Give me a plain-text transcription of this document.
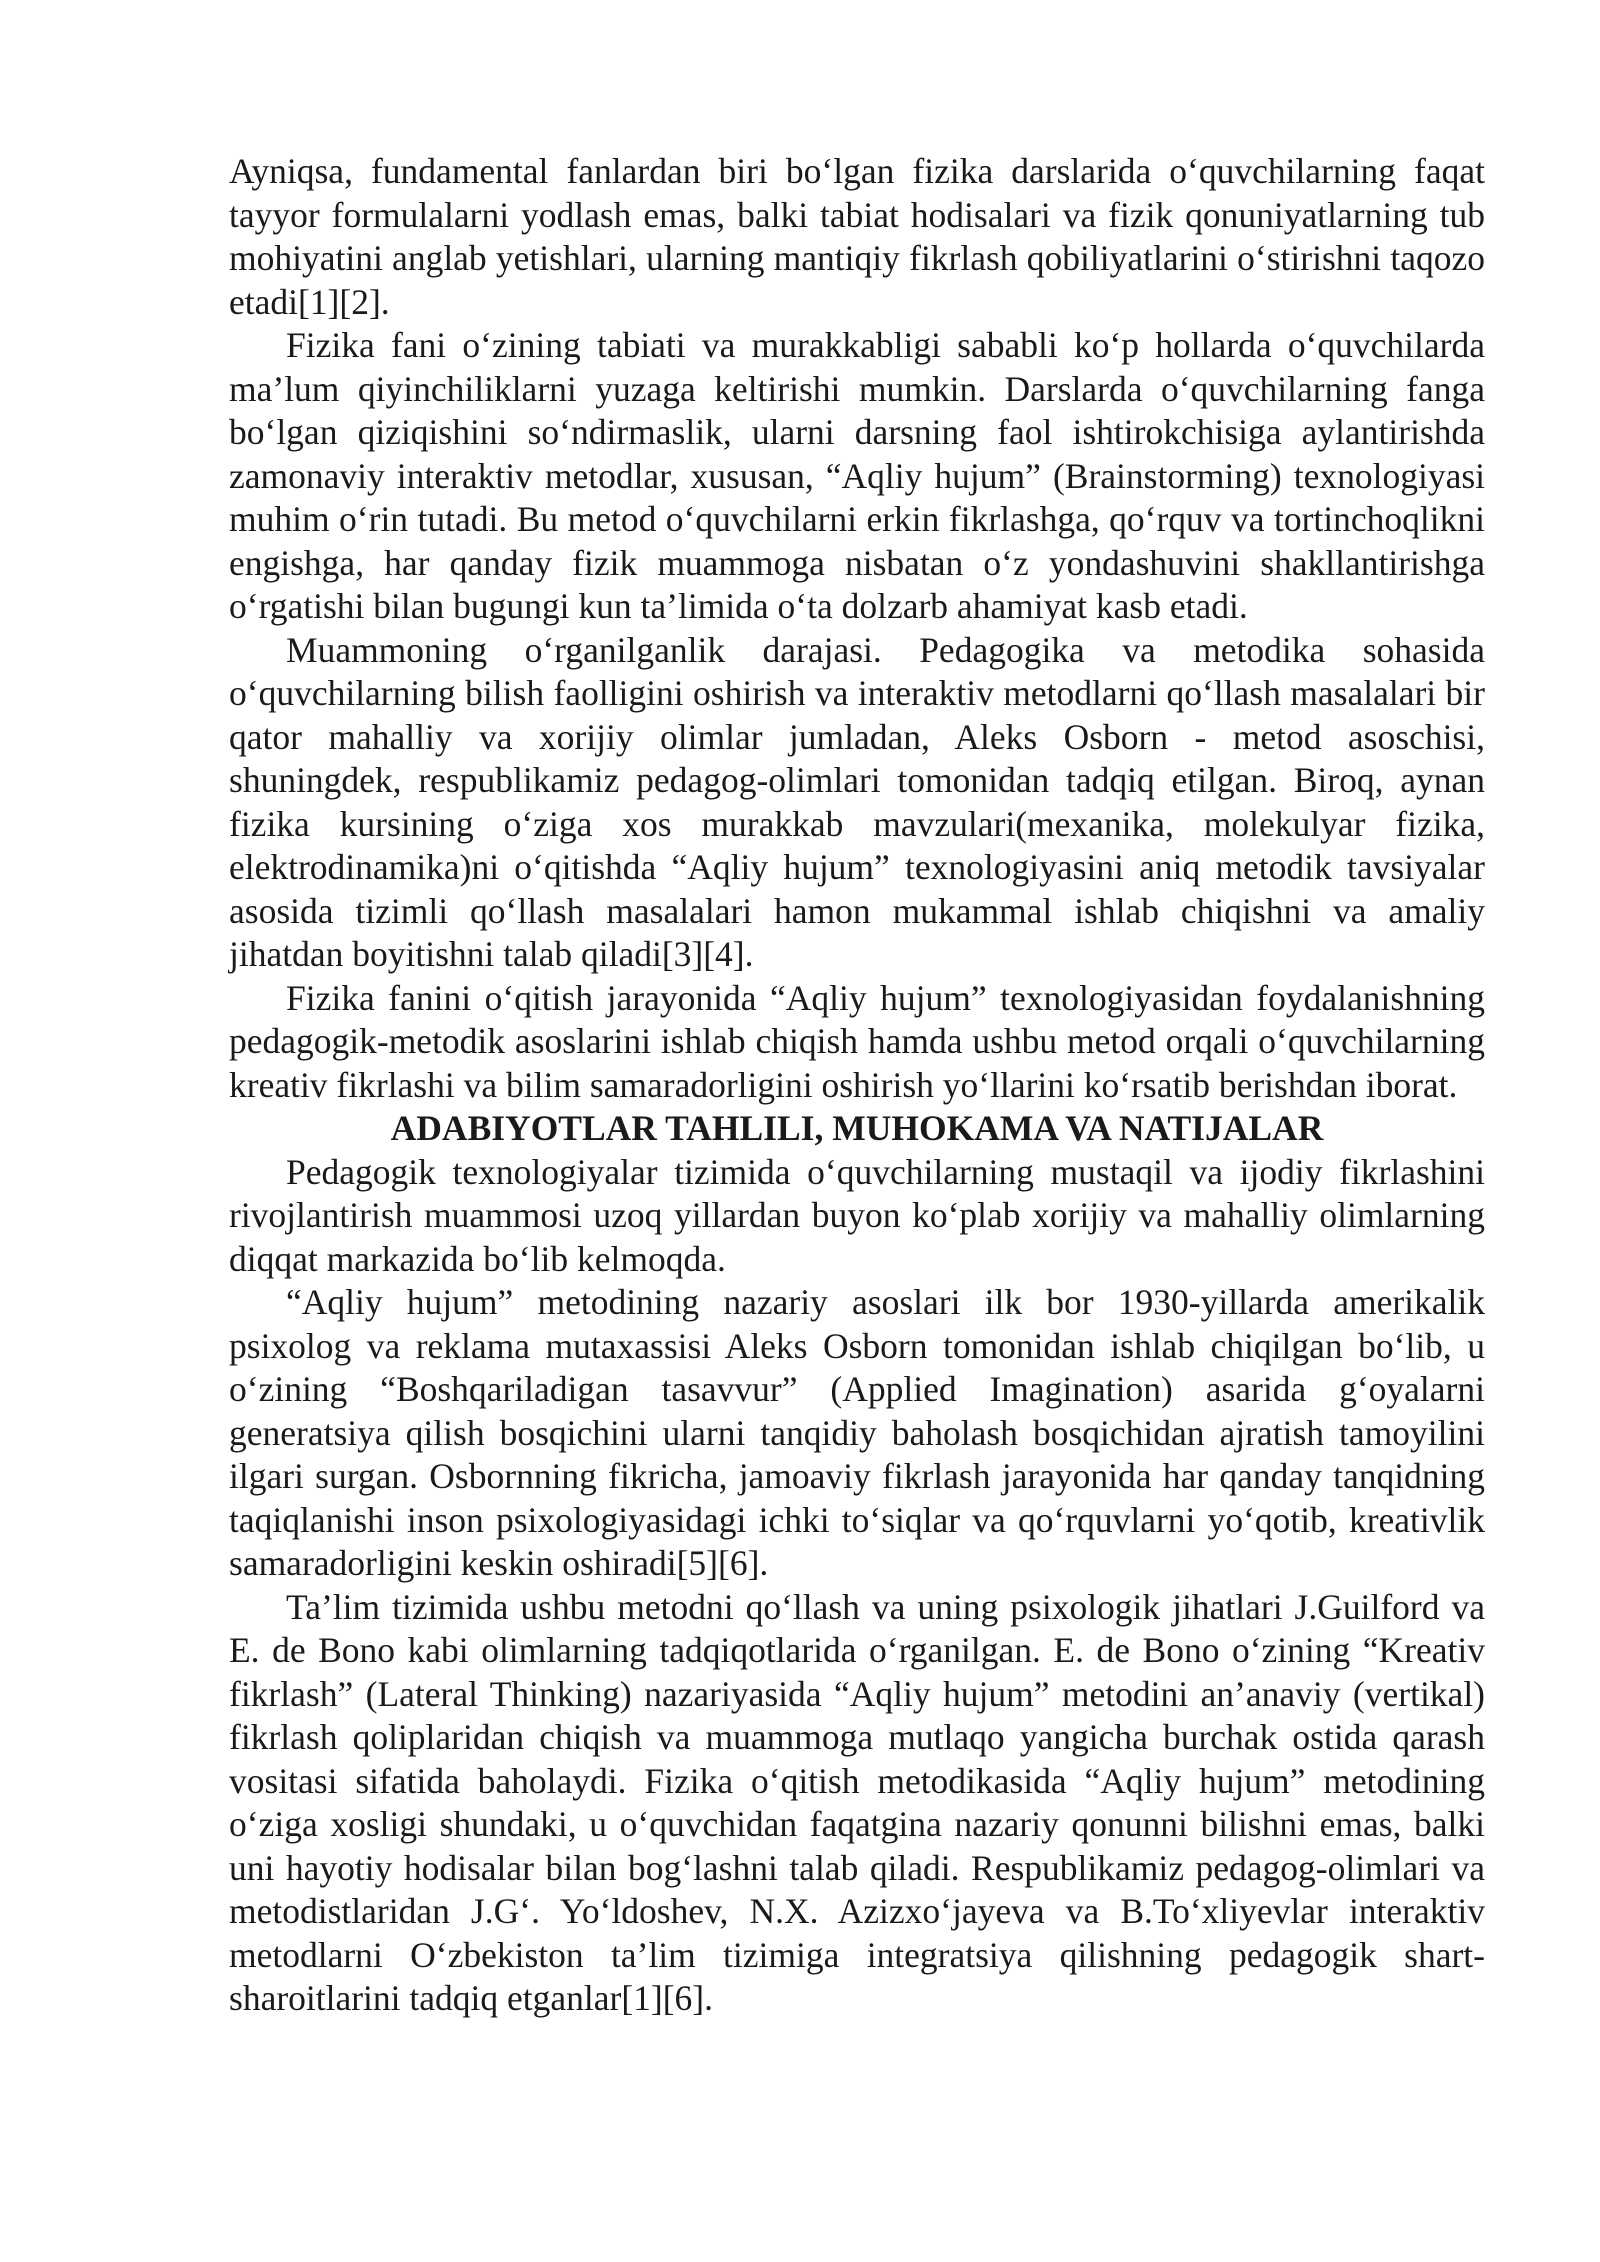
Ayniqsa, fundamental fanlardan biri bo‘lgan fizika darslarida o‘quvchilarning faqat tayyor formulalarni yodlash emas, balki tabiat hodisalari va fizik qonuniyatlarning tub mohiyatini anglab yetishlari, ularning mantiqiy fikrlash qobiliyatlarini o‘stirishni taqozo etadi[1][2].

Fizika fani o‘zining tabiati va murakkabligi sababli ko‘p hollarda o‘quvchilarda ma’lum qiyinchiliklarni yuzaga keltirishi mumkin. Darslarda o‘quvchilarning fanga bo‘lgan qiziqishini so‘ndirmaslik, ularni darsning faol ishtirokchisiga aylantirishda zamonaviy interaktiv metodlar, xususan, “Aqliy hujum” (Brainstorming) texnologiyasi muhim o‘rin tutadi. Bu metod o‘quvchilarni erkin fikrlashga, qo‘rquv va tortinchoqlikni engishga, har qanday fizik muammoga nisbatan o‘z yondashuvini shakllantirishga o‘rgatishi bilan bugungi kun ta’limida o‘ta dolzarb ahamiyat kasb etadi.

Muammoning o‘rganilganlik darajasi. Pedagogika va metodika sohasida o‘quvchilarning bilish faolligini oshirish va interaktiv metodlarni qo‘llash masalalari bir qator mahalliy va xorijiy olimlar jumladan, Aleks Osborn - metod asoschisi, shuningdek, respublikamiz pedagog-olimlari tomonidan tadqiq etilgan. Biroq, aynan fizika kursining o‘ziga xos murakkab mavzulari(mexanika, molekulyar fizika, elektrodinamika)ni o‘qitishda “Aqliy hujum” texnologiyasini aniq metodik tavsiyalar asosida tizimli qo‘llash masalalari hamon mukammal ishlab chiqishni va amaliy jihatdan boyitishni talab qiladi[3][4].

Fizika fanini o‘qitish jarayonida “Aqliy hujum” texnologiyasidan foydalanishning pedagogik-metodik asoslarini ishlab chiqish hamda ushbu metod orqali o‘quvchilarning kreativ fikrlashi va bilim samaradorligini oshirish yo‘llarini ko‘rsatib berishdan iborat.

ADABIYOTLAR TAHLILI, MUHOKAMA VA NATIJALAR

Pedagogik texnologiyalar tizimida o‘quvchilarning mustaqil va ijodiy fikrlashini rivojlantirish muammosi uzoq yillardan buyon ko‘plab xorijiy va mahalliy olimlarning diqqat markazida bo‘lib kelmoqda.

“Aqliy hujum” metodining nazariy asoslari ilk bor 1930-yillarda amerikalik psixolog va reklama mutaxassisi Aleks Osborn tomonidan ishlab chiqilgan bo‘lib, u o‘zining “Boshqariladigan tasavvur” (Applied Imagination) asarida g‘oyalarni generatsiya qilish bosqichini ularni tanqidiy baholash bosqichidan ajratish tamoyilini ilgari surgan. Osbornning fikricha, jamoaviy fikrlash jarayonida har qanday tanqidning taqiqlanishi inson psixologiyasidagi ichki to‘siqlar va qo‘rquvlarni yo‘qotib, kreativlik samaradorligini keskin oshiradi[5][6].

Ta’lim tizimida ushbu metodni qo‘llash va uning psixologik jihatlari J.Guilford va E. de Bono kabi olimlarning tadqiqotlarida o‘rganilgan. E. de Bono o‘zining “Kreativ fikrlash” (Lateral Thinking) nazariyasida “Aqliy hujum” metodini an’anaviy (vertikal) fikrlash qoliplaridan chiqish va muammoga mutlaqo yangicha burchak ostida qarash vositasi sifatida baholaydi. Fizika o‘qitish metodikasida “Aqliy hujum” metodining o‘ziga xosligi shundaki, u o‘quvchidan faqatgina nazariy qonunni bilishni emas, balki uni hayotiy hodisalar bilan bog‘lashni talab qiladi. Respublikamiz pedagog-olimlari va metodistlaridan J.G‘. Yo‘ldoshev, N.X. Azizxo‘jayeva va B.To‘xliyevlar interaktiv metodlarni O‘zbekiston ta’lim tizimiga integratsiya qilishning pedagogik shart-sharoitlarini tadqiq etganlar[1][6].
